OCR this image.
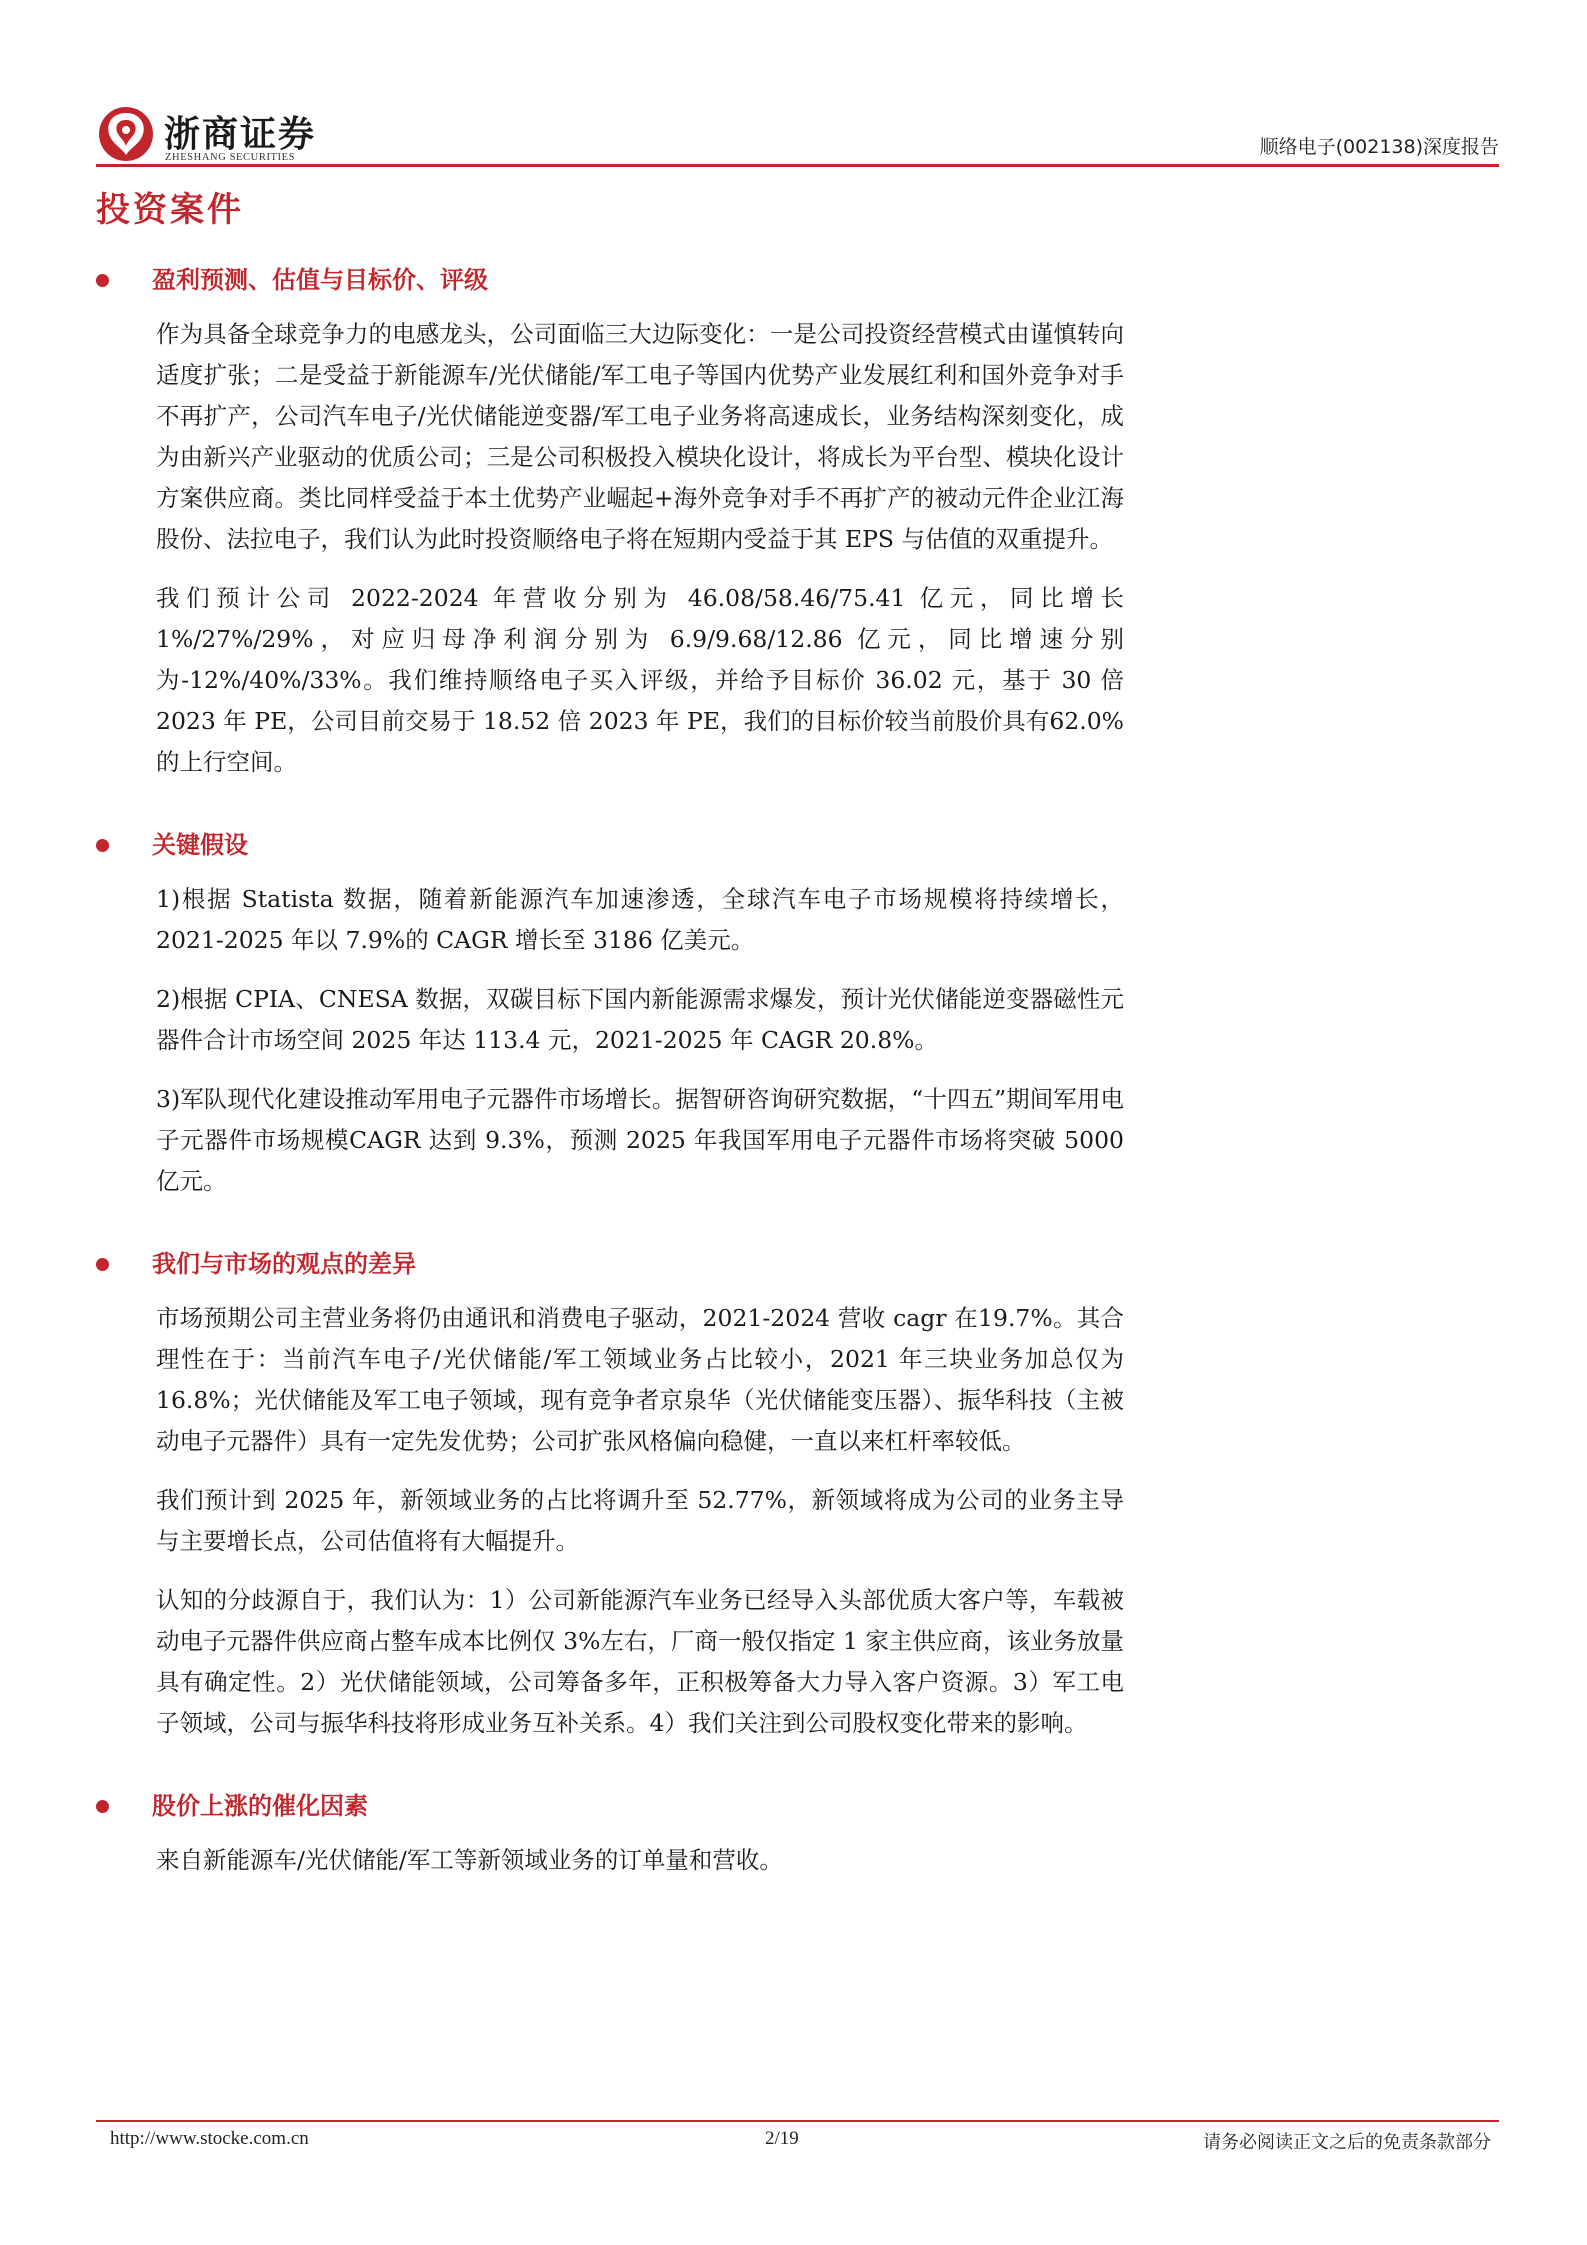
浙商证券
ZHESHANG SECURITIES	顺络电子(002138)深度报告
投资案件
盈利预测、估值与目标价、评级

作为具备全球竞争力的电感龙头，公司面临三大边际变化：一是公司投资经营模式由谨慎转向适度扩张；二是受益于新能源车/光伏储能/军工电子等国内优势产业发展红利和国外竞争对手不再扩产，公司汽车电子/光伏储能逆变器/军工电子业务将高速成长，业务结构深刻变化，成为由新兴产业驱动的优质公司；三是公司积极投入模块化设计，将成长为平台型、模块化设计方案供应商。类比同样受益于本土优势产业崛起+海外竞争对手不再扩产的被动元件企业江海股份、法拉电子，我们认为此时投资顺络电子将在短期内受益于其 EPS 与估值的双重提升。

我们预计公司 2022-2024 年营收分别为 46.08/58.46/75.41 亿元，同比增长1%/27%/29%，对应归母净利润分别为 6.9/9.68/12.86 亿元，同比增速分别为-12%/40%/33%。我们维持顺络电子买入评级，并给予目标价 36.02 元，基于 30 倍2023 年 PE，公司目前交易于 18.52 倍 2023 年 PE，我们的目标价较当前股价具有62.0%的上行空间。

关键假设

1)根据 Statista 数据，随着新能源汽车加速渗透，全球汽车电子市场规模将持续增长，2021-2025 年以 7.9%的 CAGR 增长至 3186 亿美元。

2)根据 CPIA、CNESA 数据，双碳目标下国内新能源需求爆发，预计光伏储能逆变器磁性元器件合计市场空间 2025 年达 113.4 元，2021-2025 年 CAGR 20.8%。

3)军队现代化建设推动军用电子元器件市场增长。据智研咨询研究数据，“十四五”期间军用电子元器件市场规模CAGR 达到 9.3%，预测 2025 年我国军用电子元器件市场将突破 5000 亿元。

我们与市场的观点的差异

市场预期公司主营业务将仍由通讯和消费电子驱动，2021-2024 营收 cagr 在19.7%。其合理性在于：当前汽车电子/光伏储能/军工领域业务占比较小，2021 年三块业务加总仅为 16.8%；光伏储能及军工电子领域，现有竞争者京泉华（光伏储能变压器）、振华科技（主被动电子元器件）具有一定先发优势；公司扩张风格偏向稳健，一直以来杠杆率较低。

我们预计到 2025 年，新领域业务的占比将调升至 52.77%，新领域将成为公司的业务主导与主要增长点，公司估值将有大幅提升。

认知的分歧源自于，我们认为：1）公司新能源汽车业务已经导入头部优质大客户等，车载被动电子元器件供应商占整车成本比例仅 3%左右，厂商一般仅指定 1 家主供应商，该业务放量具有确定性。2）光伏储能领域，公司筹备多年，正积极筹备大力导入客户资源。3）军工电子领域，公司与振华科技将形成业务互补关系。4）我们关注到公司股权变化带来的影响。

股价上涨的催化因素

来自新能源车/光伏储能/军工等新领域业务的订单量和营收。

http://www.stocke.com.cn	2/19	请务必阅读正文之后的免责条款部分
